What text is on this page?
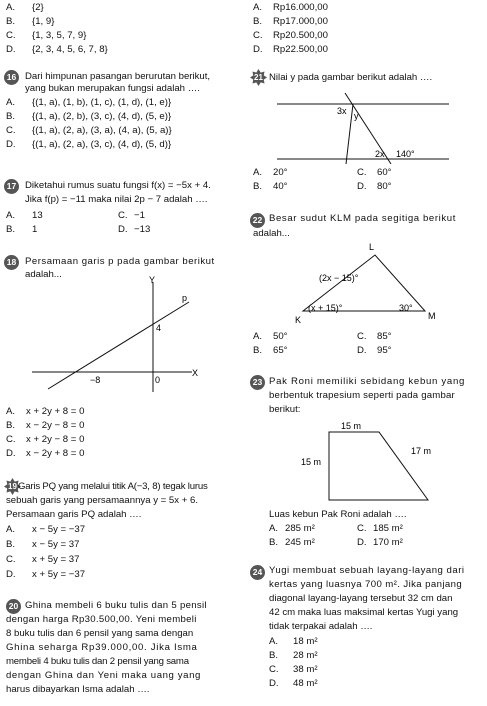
A. {2}
B. {1, 9}
C. {1, 3, 5, 7, 9}
D. {2, 3, 4, 5, 6, 7, 8}
16 Dari himpunan pasangan berurutan berikut,
yang bukan merupakan fungsi adalah ….
A. {(1, a), (1, b), (1, c), (1, d), (1, e)}
B. {(1, a), (2, b), (3, c), (4, d), (5, e)}
C. {(1, a), (2, a), (3, a), (4, a), (5, a)}
D. {(1, a), (2, a), (3, c), (4, d), (5, d)}
17 Diketahui rumus suatu fungsi f(x) = −5x + 4.
Jika f(p) = −11 maka nilai 2p − 7 adalah ….
A. 13	C. −1
B. 1	D. −13
18 Persamaan garis p pada gambar berikut
adalah...	Y
X
p
4
−8	0
A. x + 2y + 8 = 0
B. x − 2y − 8 = 0
C. x + 2y − 8 = 0
D. x − 2y + 8 = 0
19 Garis PQ yang melalui titik A(−3, 8) tegak lurus
sebuah garis yang persamaannya y = 5x + 6.
Persamaan garis PQ adalah ….
A. x − 5y = −37
B. x − 5y = 37
C. x + 5y = 37
D. x + 5y = −37
20 Ghina membeli 6 buku tulis dan 5 pensil
dengan harga Rp30.500,00. Yeni membeli
8 buku tulis dan 6 pensil yang sama dengan
Ghina seharga Rp39.000,00. Jika Isma
membeli 4 buku tulis dan 2 pensil yang sama
dengan Ghina dan Yeni maka uang yang
harus dibayarkan Isma adalah ….
A. Rp16.000,00
B. Rp17.000,00
C. Rp20.500,00
D. Rp22.500,00
21 Nilai y pada gambar berikut adalah ….
3x y
2x 140°
A. 20°	C. 60°
B. 40°	D. 80°
22 Besar sudut KLM pada segitiga berikut
adalah...
L
K	M
(2x − 15)°
(x + 15)°	30°
A. 50°	C. 85°
B. 65°	D. 95°
23 Pak Roni memiliki sebidang kebun yang
berbentuk trapesium seperti pada gambar
berikut:
15 m
15 m
17 m
Luas kebun Pak Roni adalah ….
A. 285 m²	C. 185 m²
B. 245 m²	D. 170 m²
24 Yugi membuat sebuah layang-layang dari
kertas yang luasnya 700 m². Jika panjang
diagonal layang-layang tersebut 32 cm dan
42 cm maka luas maksimal kertas Yugi yang
tidak terpakai adalah ….
A. 18 m²
B. 28 m²
C. 38 m²
D. 48 m²
